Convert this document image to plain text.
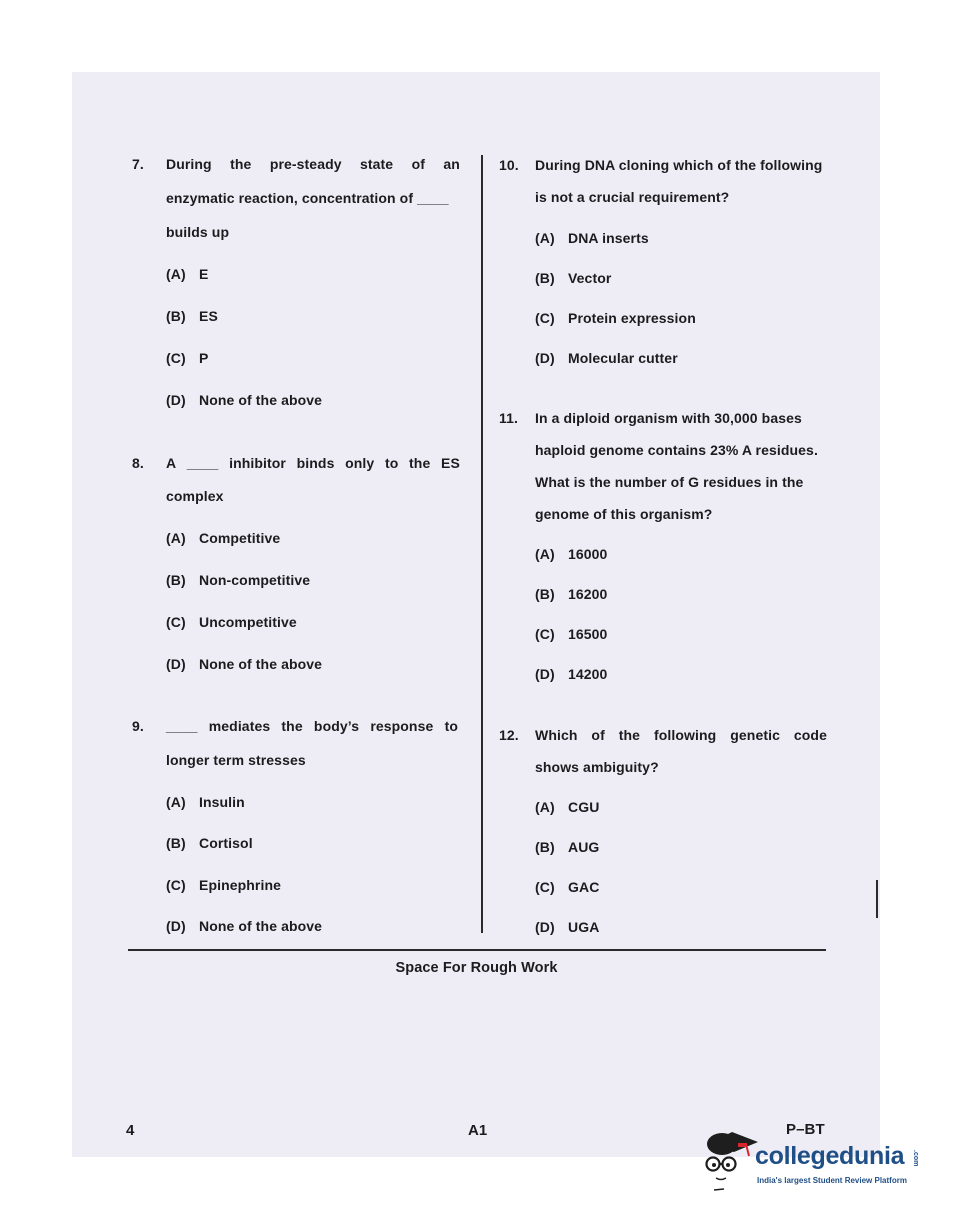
7. During the pre-steady state of an
enzymatic reaction, concentration of ____
builds up
(A) E
(B) ES
(C) P
(D) None of the above
8. A ____ inhibitor binds only to the ES
complex
(A) Competitive
(B) Non-competitive
(C) Uncompetitive
(D) None of the above
9. ____ mediates the body’s response to
longer term stresses
(A) Insulin
(B) Cortisol
(C) Epinephrine
(D) None of the above
10. During DNA cloning which of the following
is not a crucial requirement?
(A) DNA inserts
(B) Vector
(C) Protein expression
(D) Molecular cutter
11. In a diploid organism with 30,000 bases
haploid genome contains 23% A residues.
What is the number of G residues in the
genome of this organism?
(A) 16000
(B) 16200
(C) 16500
(D) 14200
12. Which of the following genetic code
shows ambiguity?
(A) CGU
(B) AUG
(C) GAC
(D) UGA
Space For Rough Work
4	A1	P–BT
collegedunia .com
India's largest Student Review Platform
